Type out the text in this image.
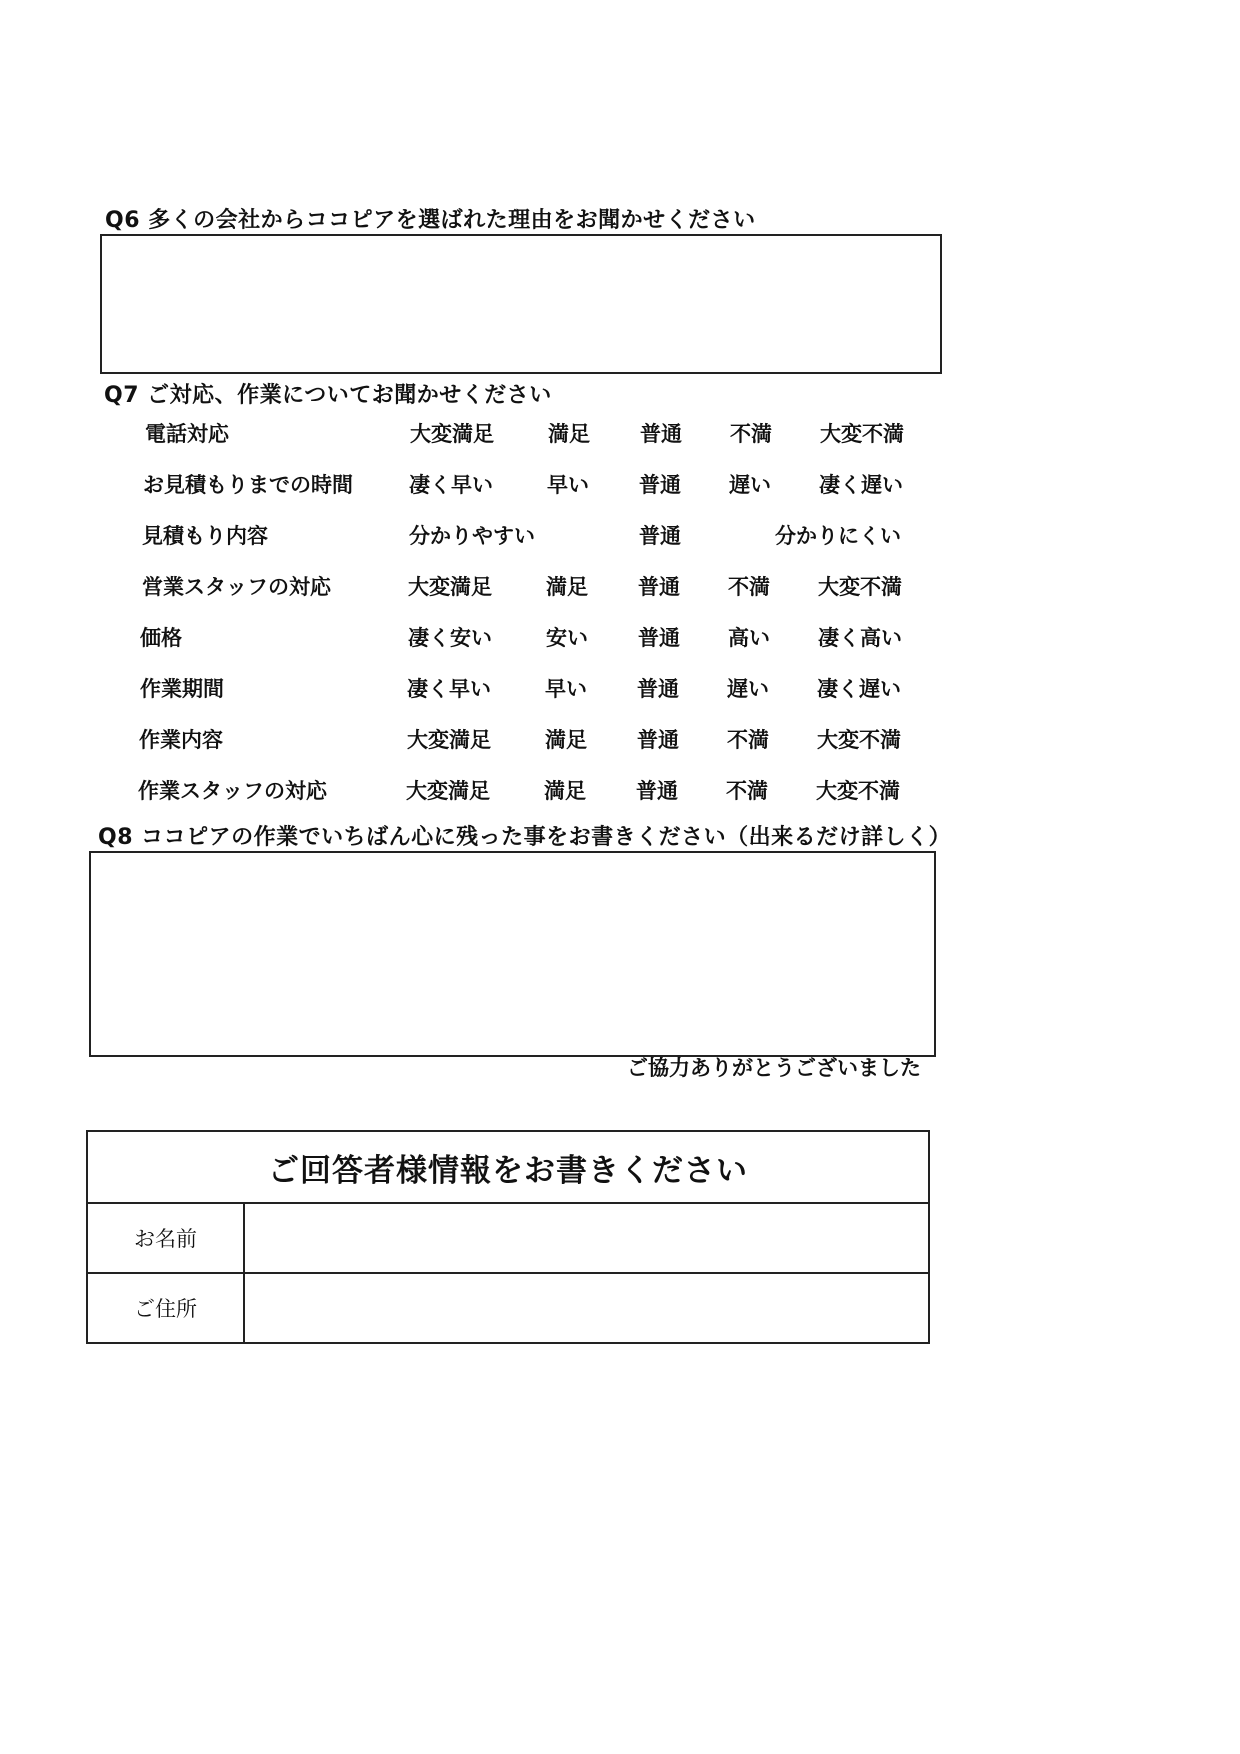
Q6 多くの会社からココピアを選ばれた理由をお聞かせください
Q7 ご対応、作業についてお聞かせください
電話対応	大変満足	満足 普通 不満 大変不満
お見積もりまでの時間	凄く早い	早い 普通 遅い 凄く遅い
見積もり内容	分かりやすい	普通	分かりにくい
営業スタッフの対応	大変満足	満足 普通 不満 大変不満
価格	凄く安い	安い 普通 高い 凄く高い
作業期間	凄く早い	早い 普通 遅い 凄く遅い
作業内容	大変満足	満足 普通 不満 大変不満
作業スタッフの対応	大変満足	満足 普通 不満 大変不満
Q8 ココピアの作業でいちばん心に残った事をお書きください（出来るだけ詳しく）
ご協力ありがとうございました
ご回答者様情報をお書きください	
お名前	
ご住所	
